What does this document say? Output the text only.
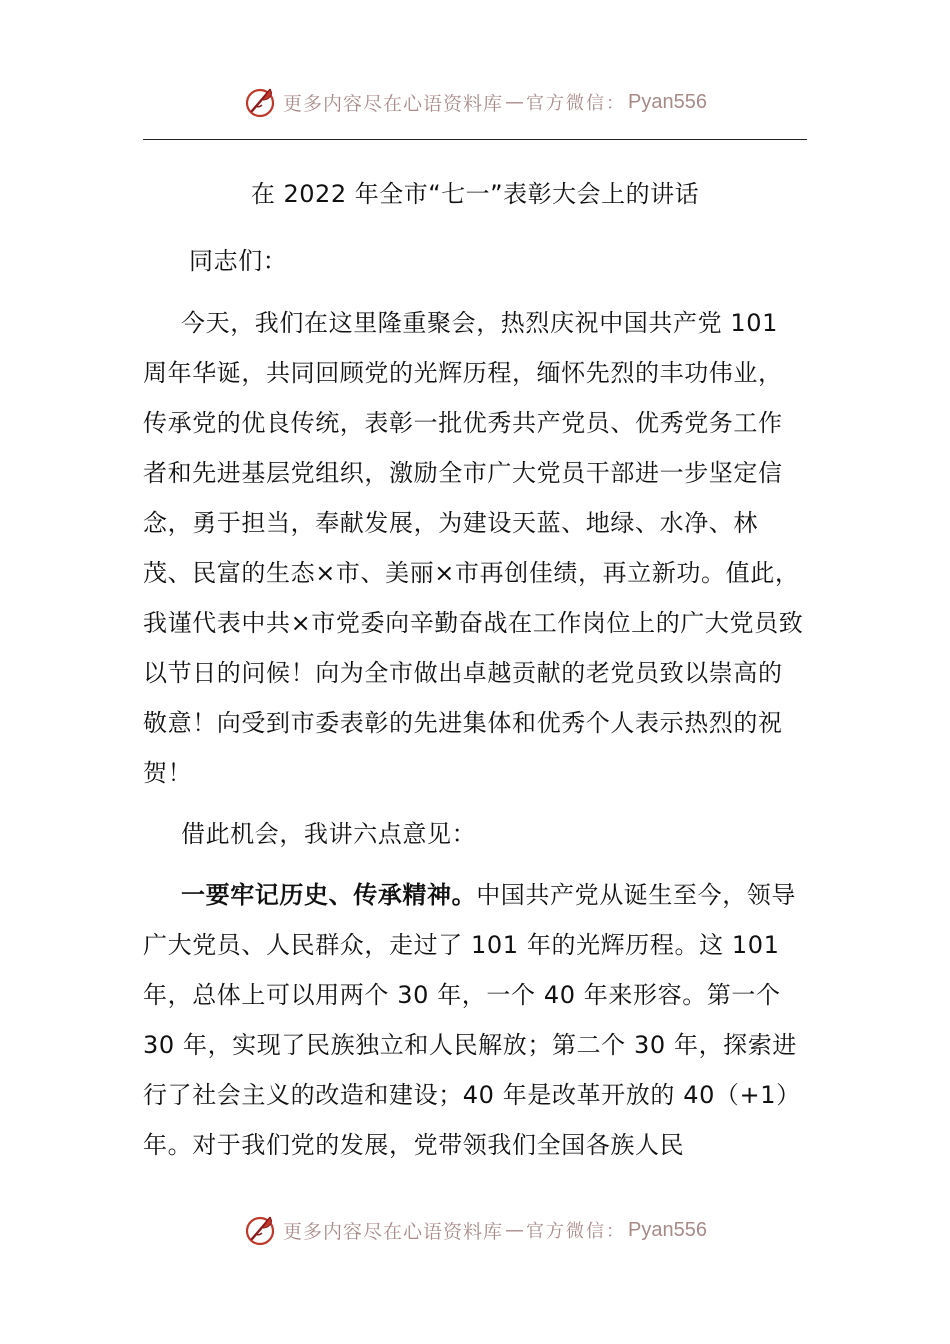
更多内容尽在心语资料库 — 官方微信： Pyan556
在 2022 年全市“七一”表彰大会上的讲话

同志们：

今天，我们在这里隆重聚会，热烈庆祝中国共产党 101 周年华诞，共同回顾党的光辉历程，缅怀先烈的丰功伟业，传承党的优良传统，表彰一批优秀共产党员、优秀党务工作者和先进基层党组织，激励全市广大党员干部进一步坚定信念，勇于担当，奉献发展，为建设天蓝、地绿、水净、林茂、民富的生态×市、美丽×市再创佳绩，再立新功。值此，我谨代表中共×市党委向辛勤奋战在工作岗位上的广大党员致以节日的问候！向为全市做出卓越贡献的老党员致以崇高的敬意！向受到市委表彰的先进集体和优秀个人表示热烈的祝贺！

借此机会，我讲六点意见：

一要牢记历史、传承精神。中国共产党从诞生至今，领导广大党员、人民群众，走过了 101 年的光辉历程。这 101 年，总体上可以用两个 30 年，一个 40 年来形容。第一个 30 年，实现了民族独立和人民解放；第二个 30 年，探索进行了社会主义的改造和建设；40 年是改革开放的 40（+1）年。对于我们党的发展，党带领我们全国各族人民

更多内容尽在心语资料库 — 官方微信： Pyan556
